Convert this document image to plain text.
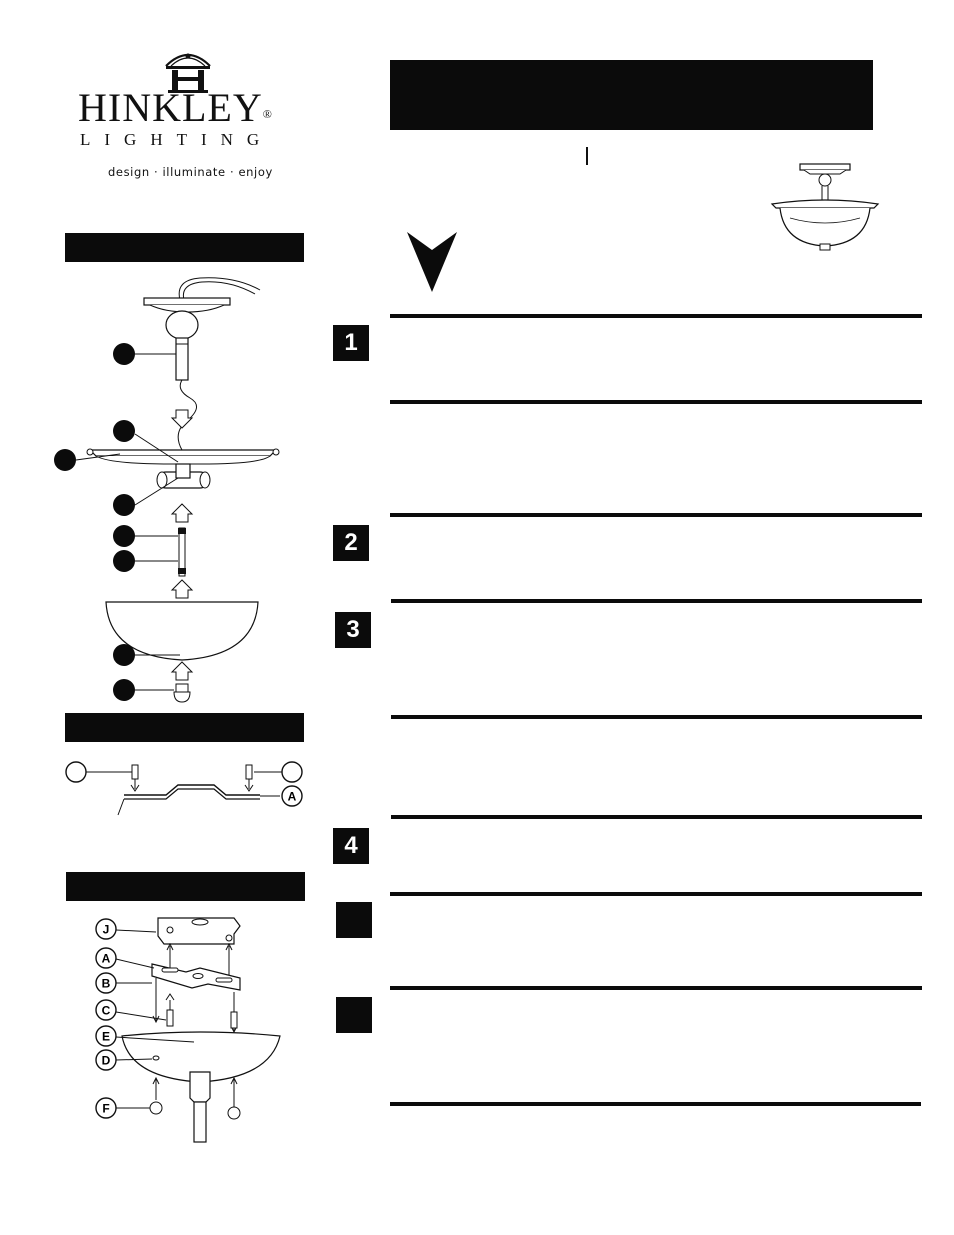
HINKLEY®
LIGHTING
design · illuminate · enjoy
A
J
A
B
C
E
D
F
1
2
3
4
